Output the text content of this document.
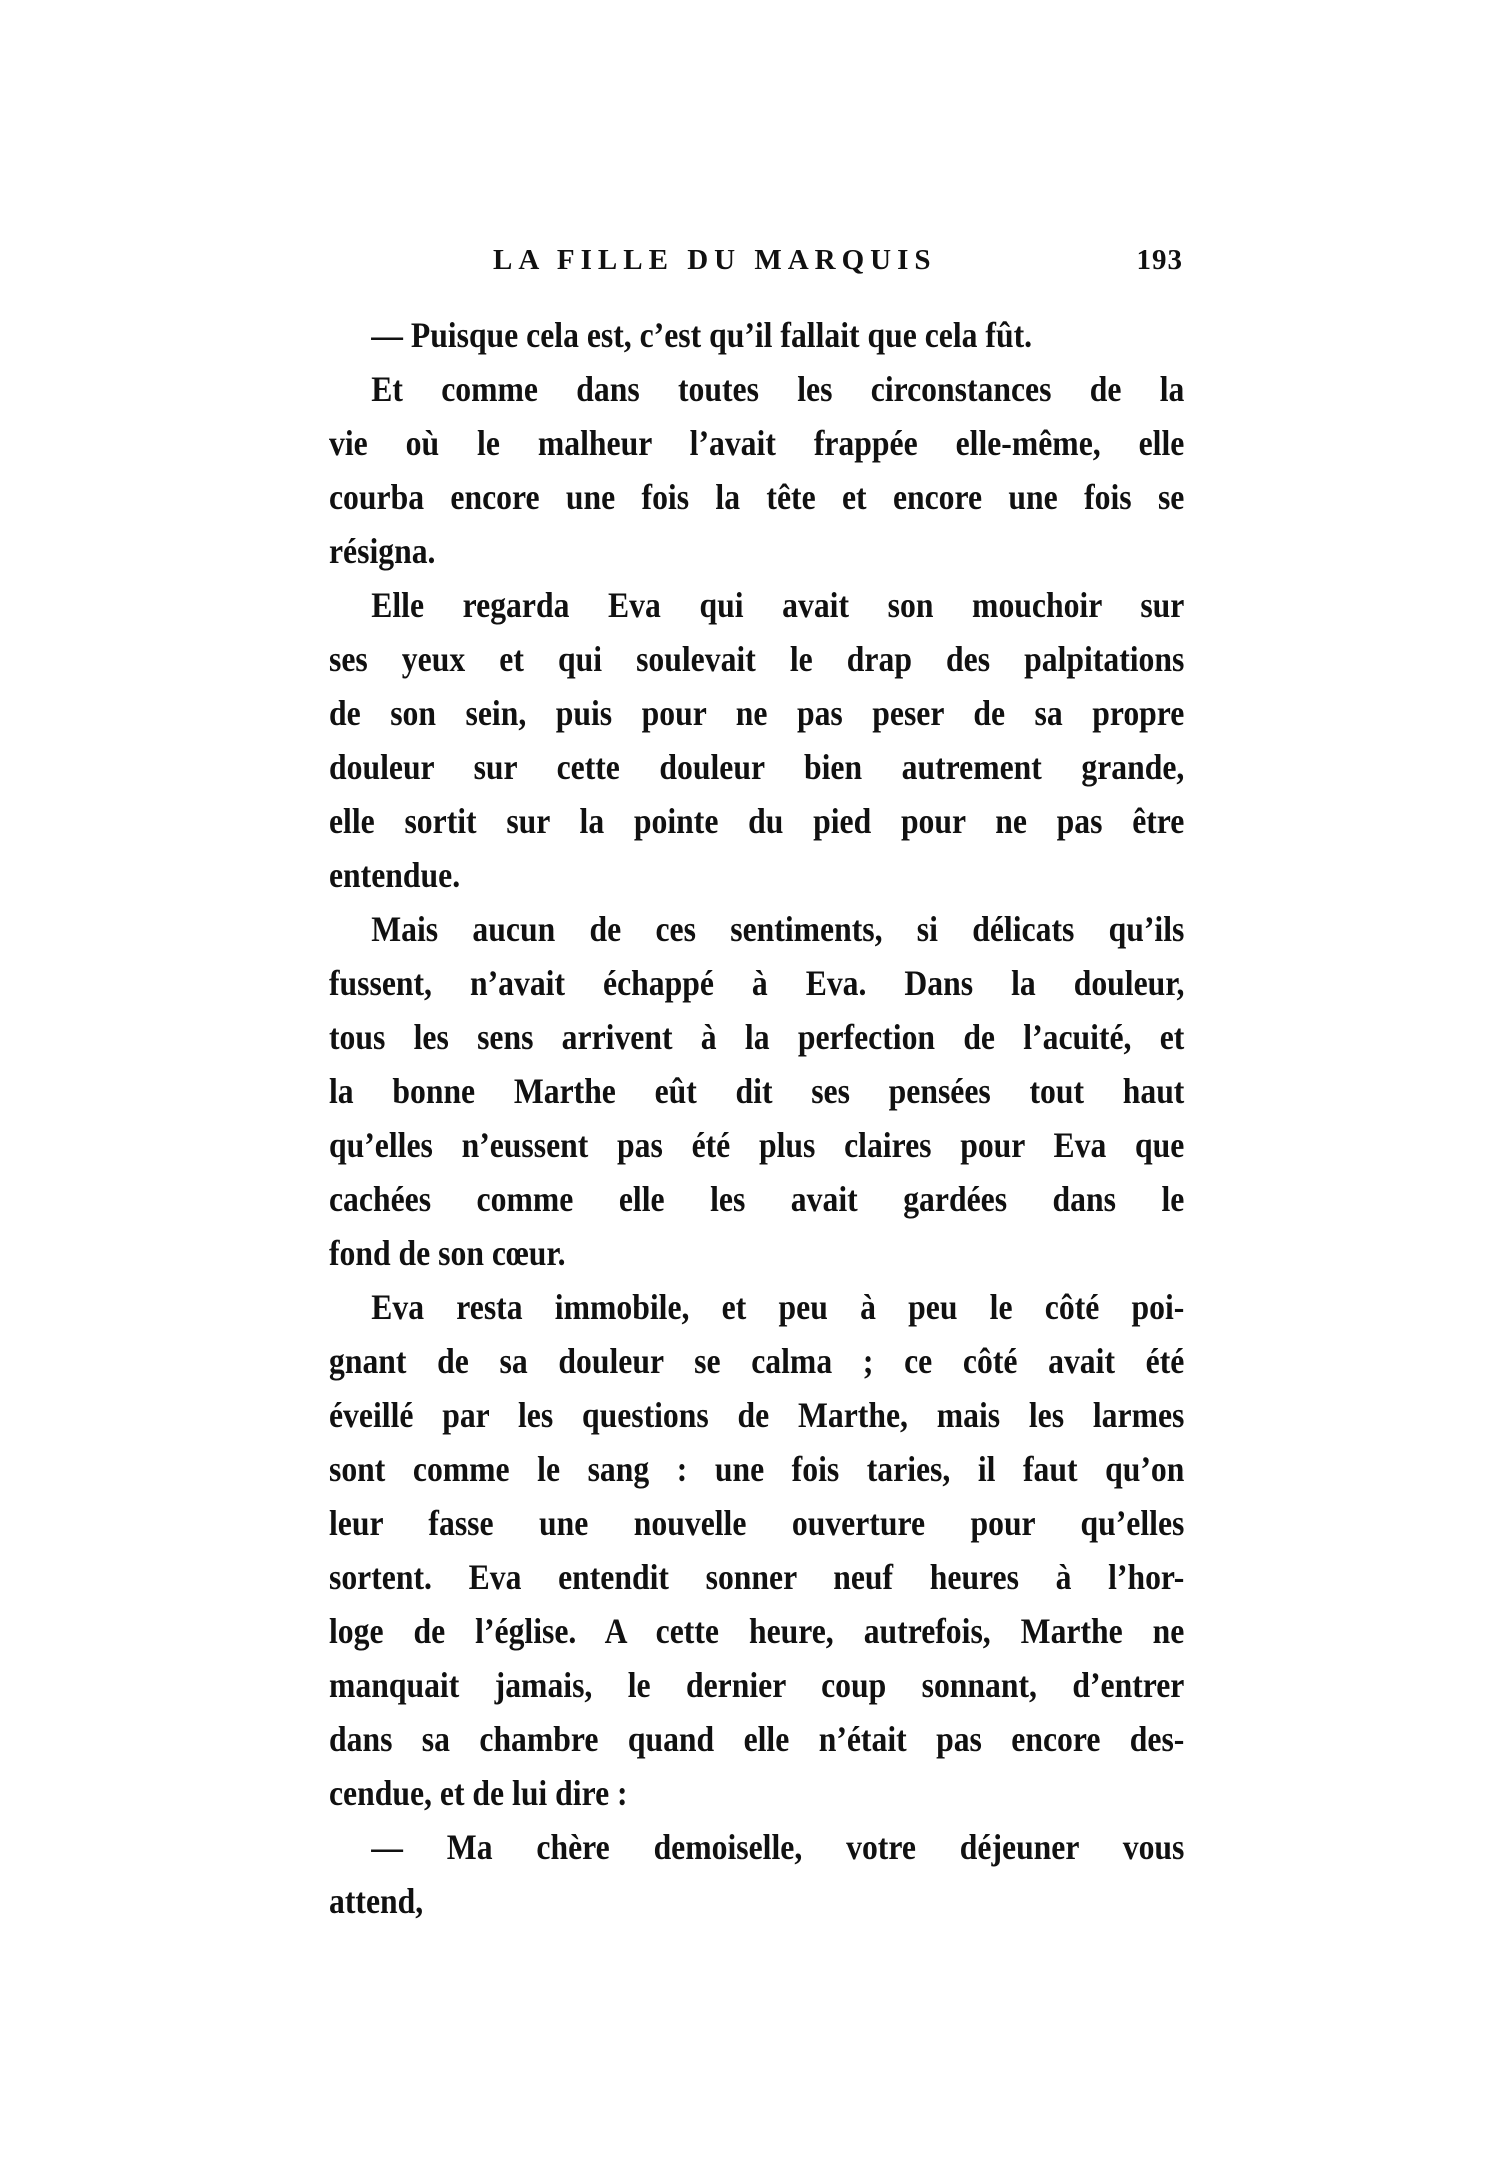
LA FILLE DU MARQUIS	193
— Puisque cela est, c’est qu’il fallait que cela fût.
Et comme dans toutes les circonstances de la
vie où le malheur l’avait frappée elle-même, elle
courba encore une fois la tête et encore une fois se
résigna.
Elle regarda Eva qui avait son mouchoir sur
ses yeux et qui soulevait le drap des palpitations
de son sein, puis pour ne pas peser de sa propre
douleur sur cette douleur bien autrement grande,
elle sortit sur la pointe du pied pour ne pas être
entendue.
Mais aucun de ces sentiments, si délicats qu’ils
fussent, n’avait échappé à Eva. Dans la douleur,
tous les sens arrivent à la perfection de l’acuité, et
la bonne Marthe eût dit ses pensées tout haut
qu’elles n’eussent pas été plus claires pour Eva que
cachées comme elle les avait gardées dans le
fond de son cœur.
Eva resta immobile, et peu à peu le côté poi-
gnant de sa douleur se calma ; ce côté avait été
éveillé par les questions de Marthe, mais les larmes
sont comme le sang : une fois taries, il faut qu’on
leur fasse une nouvelle ouverture pour qu’elles
sortent. Eva entendit sonner neuf heures à l’hor-
loge de l’église. A cette heure, autrefois, Marthe ne
manquait jamais, le dernier coup sonnant, d’entrer
dans sa chambre quand elle n’était pas encore des-
cendue, et de lui dire :
— Ma chère demoiselle, votre déjeuner vous
attend,
